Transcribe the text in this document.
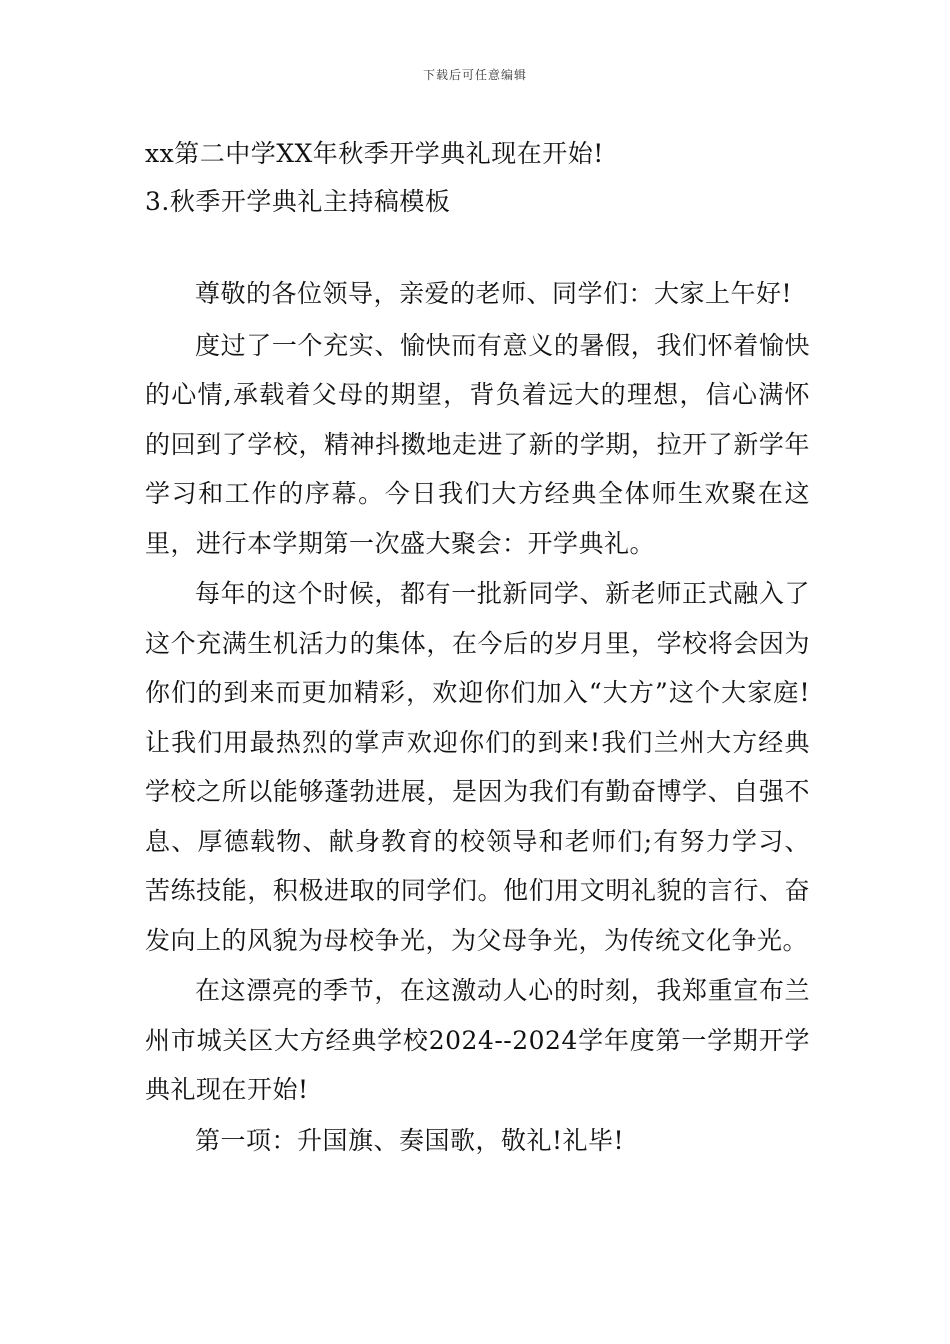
下载后可任意编辑

xx第二中学XX年秋季开学典礼现在开始!

3.秋季开学典礼主持稿模板

尊敬的各位领导，亲爱的老师、同学们：大家上午好!

度过了一个充实、愉快而有意义的暑假，我们怀着愉快的心情,承载着父母的期望，背负着远大的理想，信心满怀的回到了学校，精神抖擞地走进了新的学期，拉开了新学年学习和工作的序幕。今日我们大方经典全体师生欢聚在这里，进行本学期第一次盛大聚会：开学典礼。

每年的这个时候，都有一批新同学、新老师正式融入了这个充满生机活力的集体，在今后的岁月里，学校将会因为你们的到来而更加精彩，欢迎你们加入“大方”这个大家庭!让我们用最热烈的掌声欢迎你们的到来!我们兰州大方经典学校之所以能够蓬勃进展，是因为我们有勤奋博学、自强不息、厚德载物、献身教育的校领导和老师们;有努力学习、苦练技能，积极进取的同学们。他们用文明礼貌的言行、奋发向上的风貌为母校争光，为父母争光，为传统文化争光。

在这漂亮的季节，在这激动人心的时刻，我郑重宣布兰州市城关区大方经典学校2024--2024学年度第一学期开学典礼现在开始!

第一项：升国旗、奏国歌，敬礼!礼毕!
